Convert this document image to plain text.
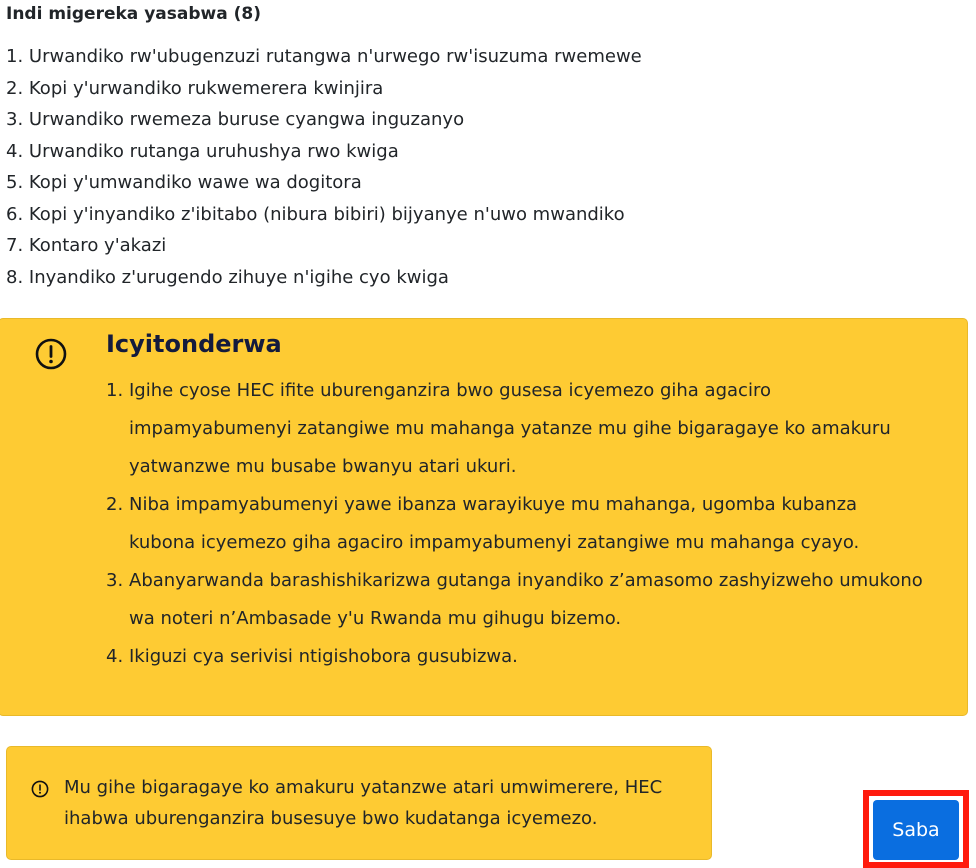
Indi migereka yasabwa (8)
1. Urwandiko rw'ubugenzuzi rutangwa n'urwego rw'isuzuma rwemewe
2. Kopi y'urwandiko rukwemerera kwinjira
3. Urwandiko rwemeza buruse cyangwa inguzanyo
4. Urwandiko rutanga uruhushya rwo kwiga
5. Kopi y'umwandiko wawe wa dogitora
6. Kopi y'inyandiko z'ibitabo (nibura bibiri) bijyanye n'uwo mwandiko
7. Kontaro y'akazi
8. Inyandiko z'urugendo zihuye n'igihe cyo kwiga
Icyitonderwa
1. Igihe cyose HEC ifite uburenganzira bwo gusesa icyemezo giha agaciro impamyabumenyi zatangiwe mu mahanga yatanze mu gihe bigaragaye ko amakuru yatwanzwe mu busabe bwanyu atari ukuri.
2. Niba impamyabumenyi yawe ibanza warayikuye mu mahanga, ugomba kubanza kubona icyemezo giha agaciro impamyabumenyi zatangiwe mu mahanga cyayo.
3. Abanyarwanda barashishikarizwa gutanga inyandiko z’amasomo zashyizweho umukono wa noteri n’Ambasade y'u Rwanda mu gihugu bizemo.
4. Ikiguzi cya serivisi ntigishobora gusubizwa.
Mu gihe bigaragaye ko amakuru yatanzwe atari umwimerere, HEC ihabwa uburenganzira busesuye bwo kudatanga icyemezo.
Saba
